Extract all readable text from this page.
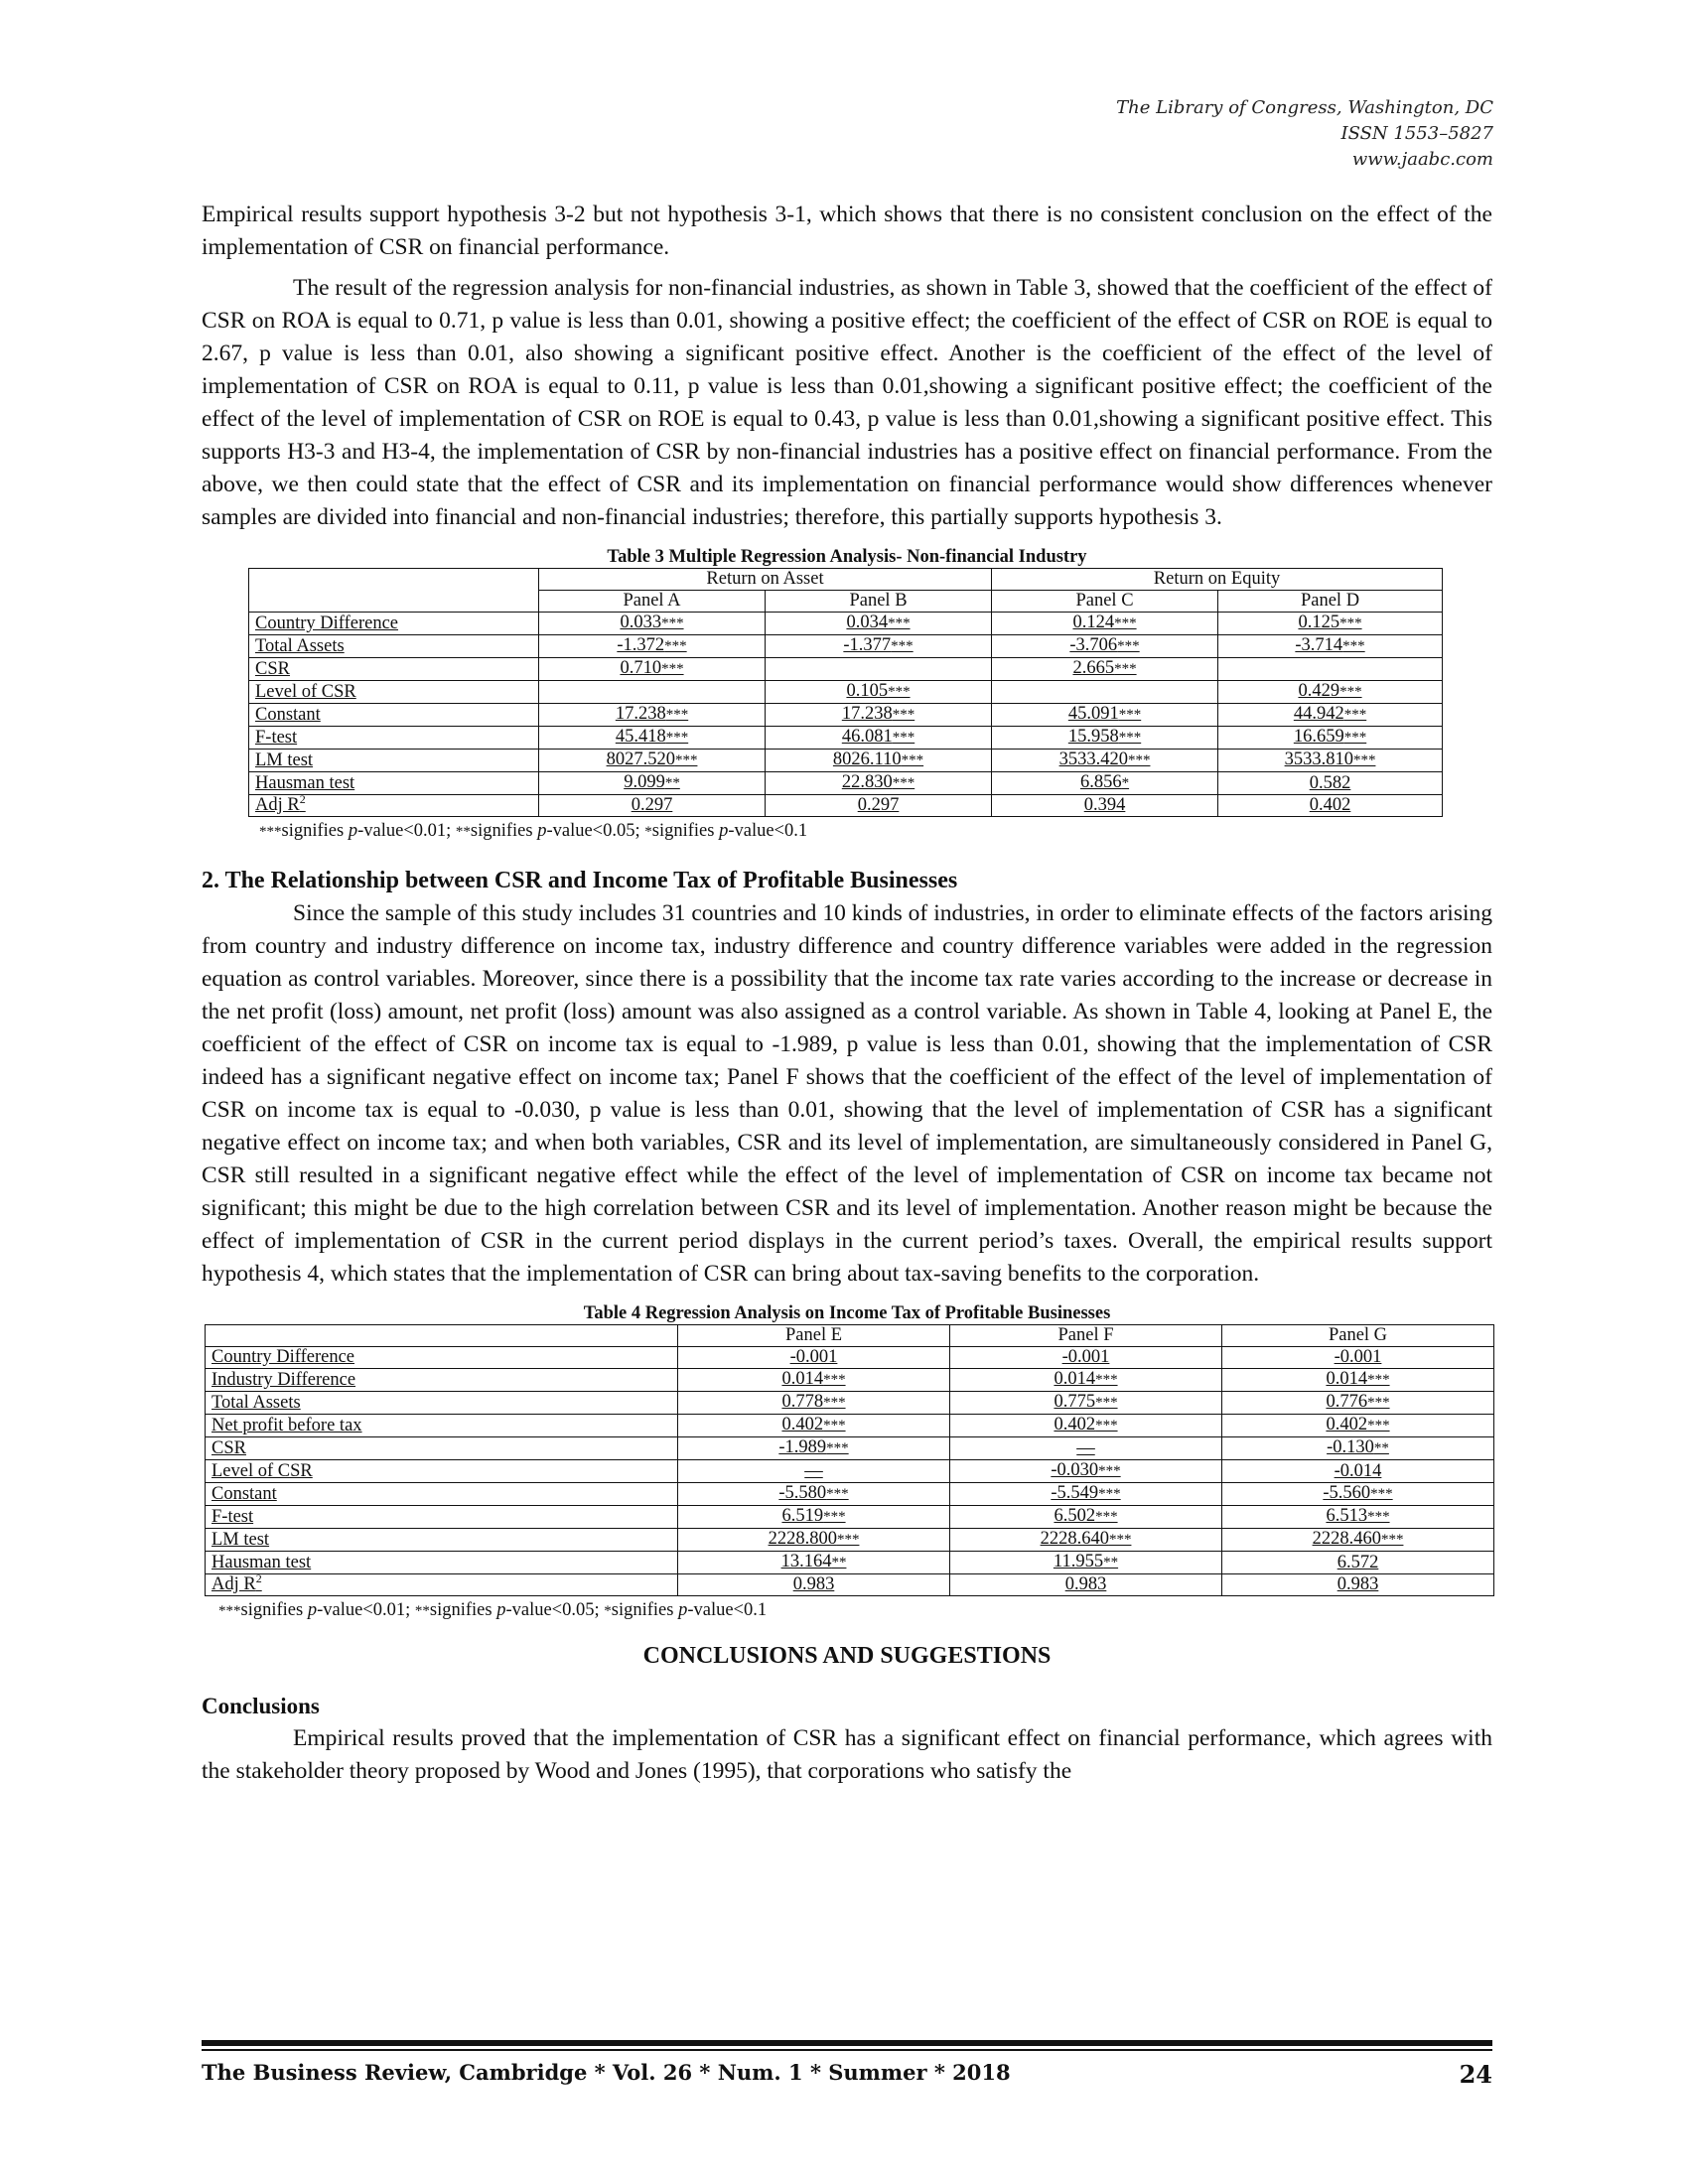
The Library of Congress, Washington, DC
ISSN 1553–5827
www.jaabc.com

Empirical results support hypothesis 3-2 but not hypothesis 3-1, which shows that there is no consistent conclusion on the effect of the implementation of CSR on financial performance.

The result of the regression analysis for non-financial industries, as shown in Table 3, showed that the coefficient of the effect of CSR on ROA is equal to 0.71, p value is less than 0.01, showing a positive effect; the coefficient of the effect of CSR on ROE is equal to 2.67, p value is less than 0.01, also showing a significant positive effect. Another is the coefficient of the effect of the level of implementation of CSR on ROA is equal to 0.11, p value is less than 0.01,showing a significant positive effect; the coefficient of the effect of the level of implementation of CSR on ROE is equal to 0.43, p value is less than 0.01,showing a significant positive effect. This supports H3-3 and H3-4, the implementation of CSR by non-financial industries has a positive effect on financial performance. From the above, we then could state that the effect of CSR and its implementation on financial performance would show differences whenever samples are divided into financial and non-financial industries; therefore, this partially supports hypothesis 3.

Table 3 Multiple Regression Analysis- Non-financial Industry
	Return on Asset		Return on Equity	
	Panel A	Panel B	Panel C	Panel D
Country Difference	0.033***	0.034***	0.124***	0.125***
Total Assets	-1.372***	-1.377***	-3.706***	-3.714***
CSR	0.710***		2.665***	
Level of CSR		0.105***		0.429***
Constant	17.238***	17.238***	45.091***	44.942***
F-test	45.418***	46.081***	15.958***	16.659***
LM test	8027.520***	8026.110***	3533.420***	3533.810***
Hausman test	9.099**	22.830***	6.856*	0.582
Adj $R^2$	0.297	0.297	0.394	0.402
***signifies p-value<0.01; **signifies p-value<0.05; *signifies p-value<0.1
2. The Relationship between CSR and Income Tax of Profitable Businesses

Since the sample of this study includes 31 countries and 10 kinds of industries, in order to eliminate effects of the factors arising from country and industry difference on income tax, industry difference and country difference variables were added in the regression equation as control variables. Moreover, since there is a possibility that the income tax rate varies according to the increase or decrease in the net profit (loss) amount, net profit (loss) amount was also assigned as a control variable. As shown in Table 4, looking at Panel E, the coefficient of the effect of CSR on income tax is equal to -1.989, p value is less than 0.01, showing that the implementation of CSR indeed has a significant negative effect on income tax; Panel F shows that the coefficient of the effect of the level of implementation of CSR on income tax is equal to -0.030, p value is less than 0.01, showing that the level of implementation of CSR has a significant negative effect on income tax; and when both variables, CSR and its level of implementation, are simultaneously considered in Panel G, CSR still resulted in a significant negative effect while the effect of the level of implementation of CSR on income tax became not significant; this might be due to the high correlation between CSR and its level of implementation. Another reason might be because the effect of implementation of CSR in the current period displays in the current period’s taxes. Overall, the empirical results support hypothesis 4, which states that the implementation of CSR can bring about tax-saving benefits to the corporation.

Table 4 Regression Analysis on Income Tax of Profitable Businesses
	Panel E	Panel F	Panel G
Country Difference	-0.001	-0.001	-0.001
Industry Difference	0.014***	0.014***	0.014***
Total Assets	0.778***	0.775***	0.776***
Net profit before tax	0.402***	0.402***	0.402***
CSR	-1.989***	—	-0.130**
Level of CSR	—	-0.030***	-0.014
Constant	-5.580***	-5.549***	-5.560***
F-test	6.519***	6.502***	6.513***
LM test	2228.800***	2228.640***	2228.460***
Hausman test	13.164**	11.955**	6.572
Adj $R^2$	0.983	0.983	0.983
***signifies p-value<0.01; **signifies p-value<0.05; *signifies p-value<0.1
CONCLUSIONS AND SUGGESTIONS
Conclusions

Empirical results proved that the implementation of CSR has a significant effect on financial performance, which agrees with the stakeholder theory proposed by Wood and Jones (1995), that corporations who satisfy the

The Business Review, Cambridge * Vol. 26 * Num. 1 * Summer * 2018	24
